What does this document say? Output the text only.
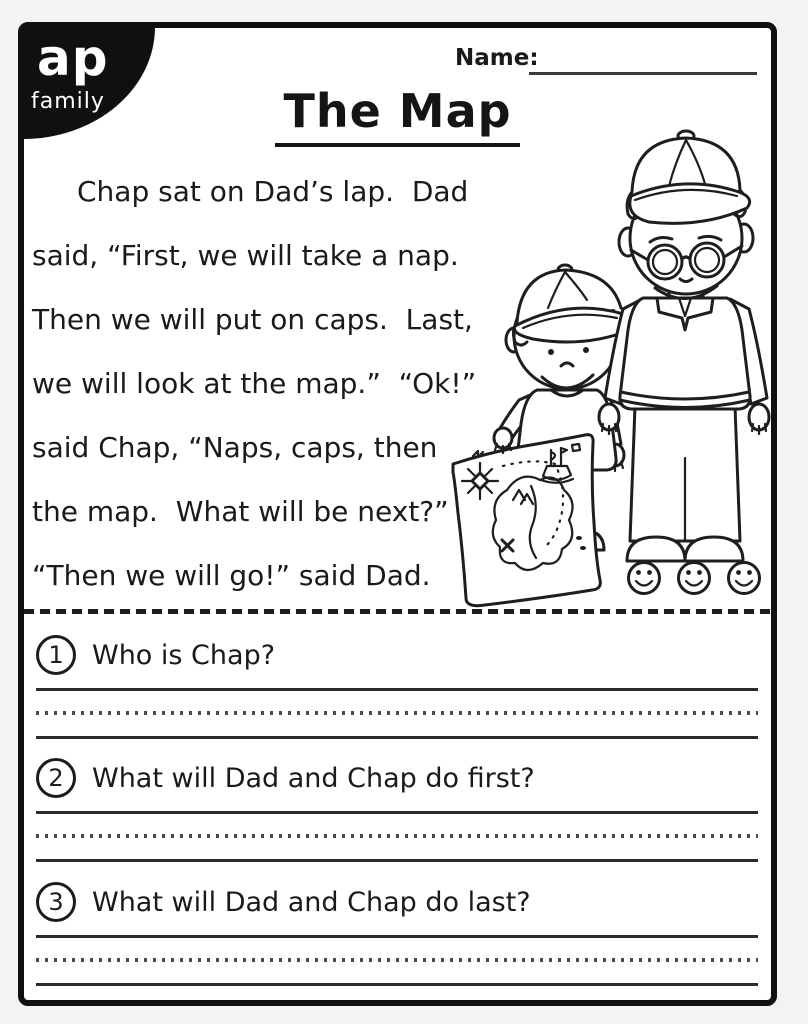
ap
family
Name:
The Map
Chap sat on Dad’s lap.  Dad
said, “First, we will take a nap.
Then we will put on caps.  Last,
we will look at the map.”  “Ok!”
said Chap, “Naps, caps, then
the map.  What will be next?”
“Then we will go!” said Dad.
1	Who is Chap?
2	What will Dad and Chap do first?
3	What will Dad and Chap do last?
